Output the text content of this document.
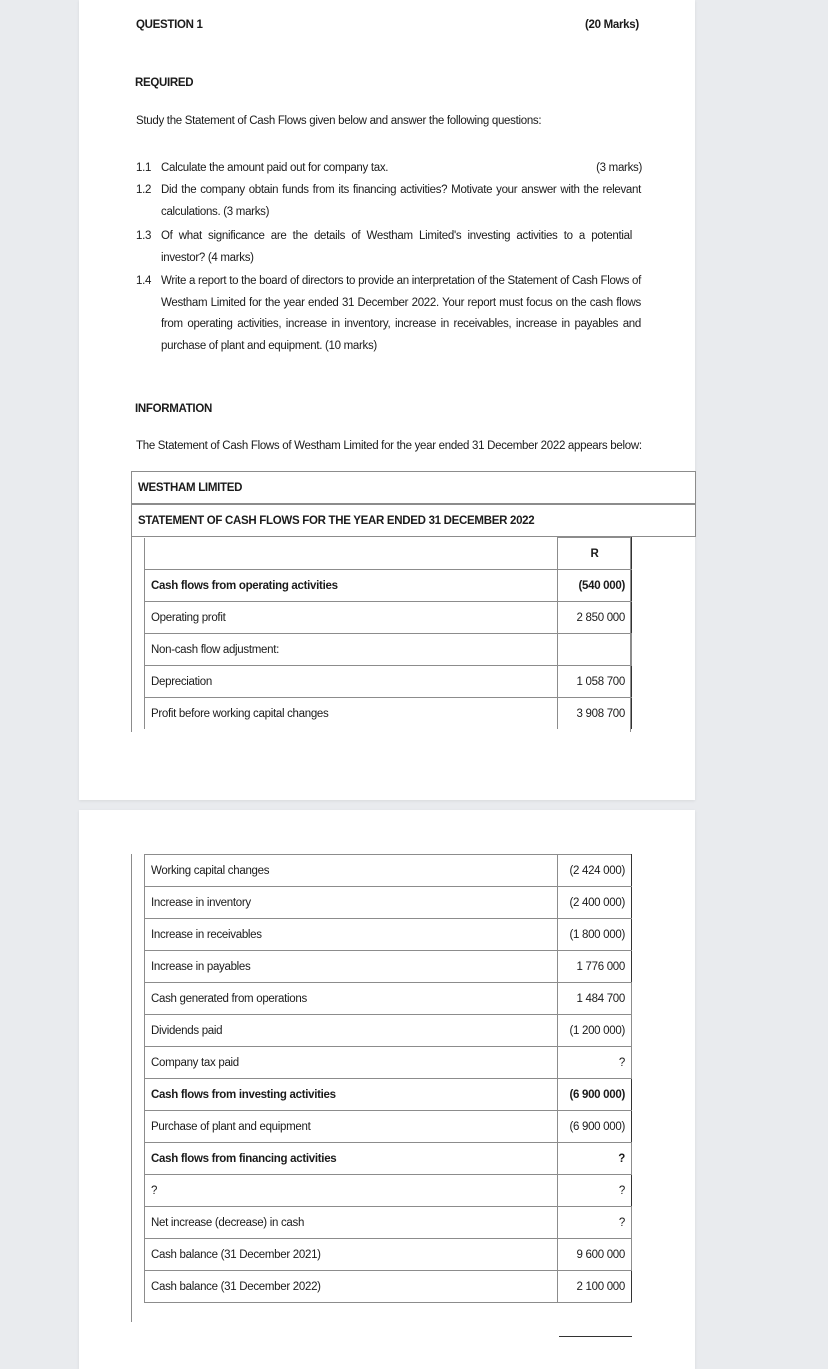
QUESTION 1	(20 Marks)
REQUIRED
Study the Statement of Cash Flows given below and answer the following questions:
1.1 Calculate the amount paid out for company tax.	(3 marks)
1.2 Did the company obtain funds from its financing activities? Motivate your answer with the relevant calculations. (3 marks)
1.3 Of what significance are the details of Westham Limited's investing activities to a potential investor? (4 marks)
1.4 Write a report to the board of directors to provide an interpretation of the Statement of Cash Flows of Westham Limited for the year ended 31 December 2022. Your report must focus on the cash flows from operating activities, increase in inventory, increase in receivables, increase in payables and purchase of plant and equipment. (10 marks)
INFORMATION
The Statement of Cash Flows of Westham Limited for the year ended 31 December 2022 appears below:
WESTHAM LIMITED
STATEMENT OF CASH FLOWS FOR THE YEAR ENDED 31 DECEMBER 2022
	R
Cash flows from operating activities	(540 000)
Operating profit	2 850 000
Non-cash flow adjustment:	
Depreciation	1 058 700
Profit before working capital changes	3 908 700
Working capital changes	(2 424 000)
Increase in inventory	(2 400 000)
Increase in receivables	(1 800 000)
Increase in payables	1 776 000
Cash generated from operations	1 484 700
Dividends paid	(1 200 000)
Company tax paid	?
Cash flows from investing activities	(6 900 000)
Purchase of plant and equipment	(6 900 000)
Cash flows from financing activities	?
?	?
Net increase (decrease) in cash	?
Cash balance (31 December 2021)	9 600 000
Cash balance (31 December 2022)	2 100 000
